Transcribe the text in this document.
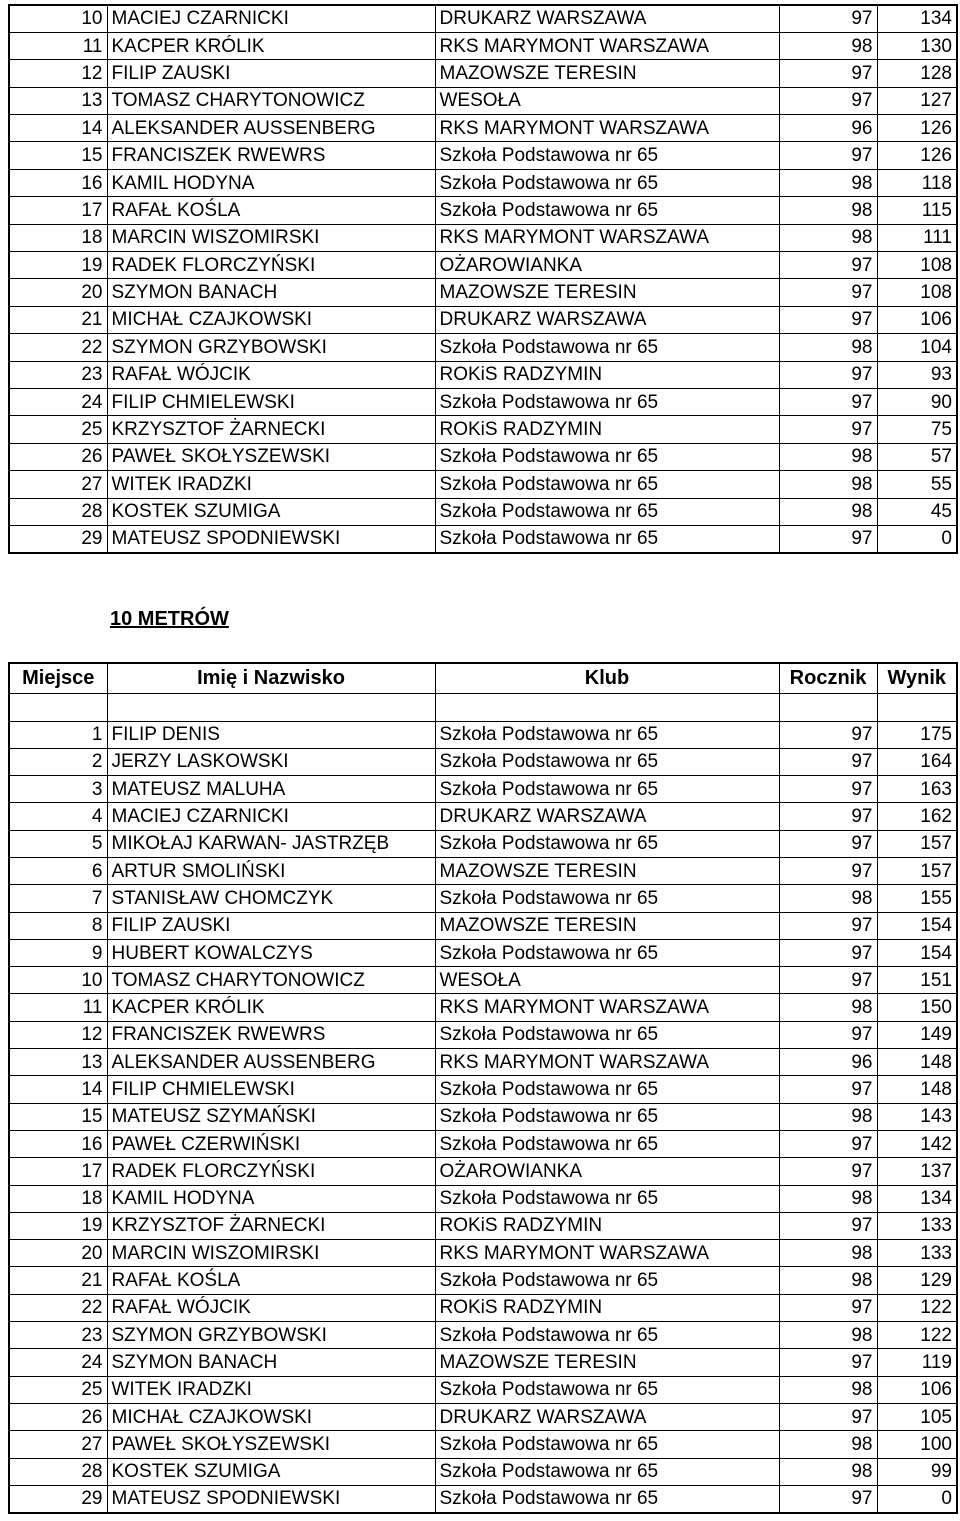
10	MACIEJ CZARNICKI	DRUKARZ WARSZAWA	97	134
11	KACPER KRÓLIK	RKS MARYMONT WARSZAWA	98	130
12	FILIP ZAUSKI	MAZOWSZE TERESIN	97	128
13	TOMASZ CHARYTONOWICZ	WESOŁA	97	127
14	ALEKSANDER AUSSENBERG	RKS MARYMONT WARSZAWA	96	126
15	FRANCISZEK RWEWRS	Szkoła Podstawowa nr 65	97	126
16	KAMIL HODYNA	Szkoła Podstawowa nr 65	98	118
17	RAFAŁ KOŚLA	Szkoła Podstawowa nr 65	98	115
18	MARCIN WISZOMIRSKI	RKS MARYMONT WARSZAWA	98	111
19	RADEK FLORCZYŃSKI	OŻAROWIANKA	97	108
20	SZYMON BANACH	MAZOWSZE TERESIN	97	108
21	MICHAŁ CZAJKOWSKI	DRUKARZ WARSZAWA	97	106
22	SZYMON GRZYBOWSKI	Szkoła Podstawowa nr 65	98	104
23	RAFAŁ WÓJCIK	ROKiS RADZYMIN	97	93
24	FILIP CHMIELEWSKI	Szkoła Podstawowa nr 65	97	90
25	KRZYSZTOF ŻARNECKI	ROKiS RADZYMIN	97	75
26	PAWEŁ SKOŁYSZEWSKI	Szkoła Podstawowa nr 65	98	57
27	WITEK IRADZKI	Szkoła Podstawowa nr 65	98	55
28	KOSTEK SZUMIGA	Szkoła Podstawowa nr 65	98	45
29	MATEUSZ SPODNIEWSKI	Szkoła Podstawowa nr 65	97	0
10 METRÓW
Miejsce	Imię i Nazwisko	Klub	Rocznik	Wynik

1	FILIP DENIS	Szkoła Podstawowa nr 65	97	175
2	JERZY LASKOWSKI	Szkoła Podstawowa nr 65	97	164
3	MATEUSZ MALUHA	Szkoła Podstawowa nr 65	97	163
4	MACIEJ CZARNICKI	DRUKARZ WARSZAWA	97	162
5	MIKOŁAJ KARWAN- JASTRZĘB	Szkoła Podstawowa nr 65	97	157
6	ARTUR SMOLIŃSKI	MAZOWSZE TERESIN	97	157
7	STANISŁAW CHOMCZYK	Szkoła Podstawowa nr 65	98	155
8	FILIP ZAUSKI	MAZOWSZE TERESIN	97	154
9	HUBERT KOWALCZYS	Szkoła Podstawowa nr 65	97	154
10	TOMASZ CHARYTONOWICZ	WESOŁA	97	151
11	KACPER KRÓLIK	RKS MARYMONT WARSZAWA	98	150
12	FRANCISZEK RWEWRS	Szkoła Podstawowa nr 65	97	149
13	ALEKSANDER AUSSENBERG	RKS MARYMONT WARSZAWA	96	148
14	FILIP CHMIELEWSKI	Szkoła Podstawowa nr 65	97	148
15	MATEUSZ SZYMAŃSKI	Szkoła Podstawowa nr 65	98	143
16	PAWEŁ CZERWIŃSKI	Szkoła Podstawowa nr 65	97	142
17	RADEK FLORCZYŃSKI	OŻAROWIANKA	97	137
18	KAMIL HODYNA	Szkoła Podstawowa nr 65	98	134
19	KRZYSZTOF ŻARNECKI	ROKiS RADZYMIN	97	133
20	MARCIN WISZOMIRSKI	RKS MARYMONT WARSZAWA	98	133
21	RAFAŁ KOŚLA	Szkoła Podstawowa nr 65	98	129
22	RAFAŁ WÓJCIK	ROKiS RADZYMIN	97	122
23	SZYMON GRZYBOWSKI	Szkoła Podstawowa nr 65	98	122
24	SZYMON BANACH	MAZOWSZE TERESIN	97	119
25	WITEK IRADZKI	Szkoła Podstawowa nr 65	98	106
26	MICHAŁ CZAJKOWSKI	DRUKARZ WARSZAWA	97	105
27	PAWEŁ SKOŁYSZEWSKI	Szkoła Podstawowa nr 65	98	100
28	KOSTEK SZUMIGA	Szkoła Podstawowa nr 65	98	99
29	MATEUSZ SPODNIEWSKI	Szkoła Podstawowa nr 65	97	0
